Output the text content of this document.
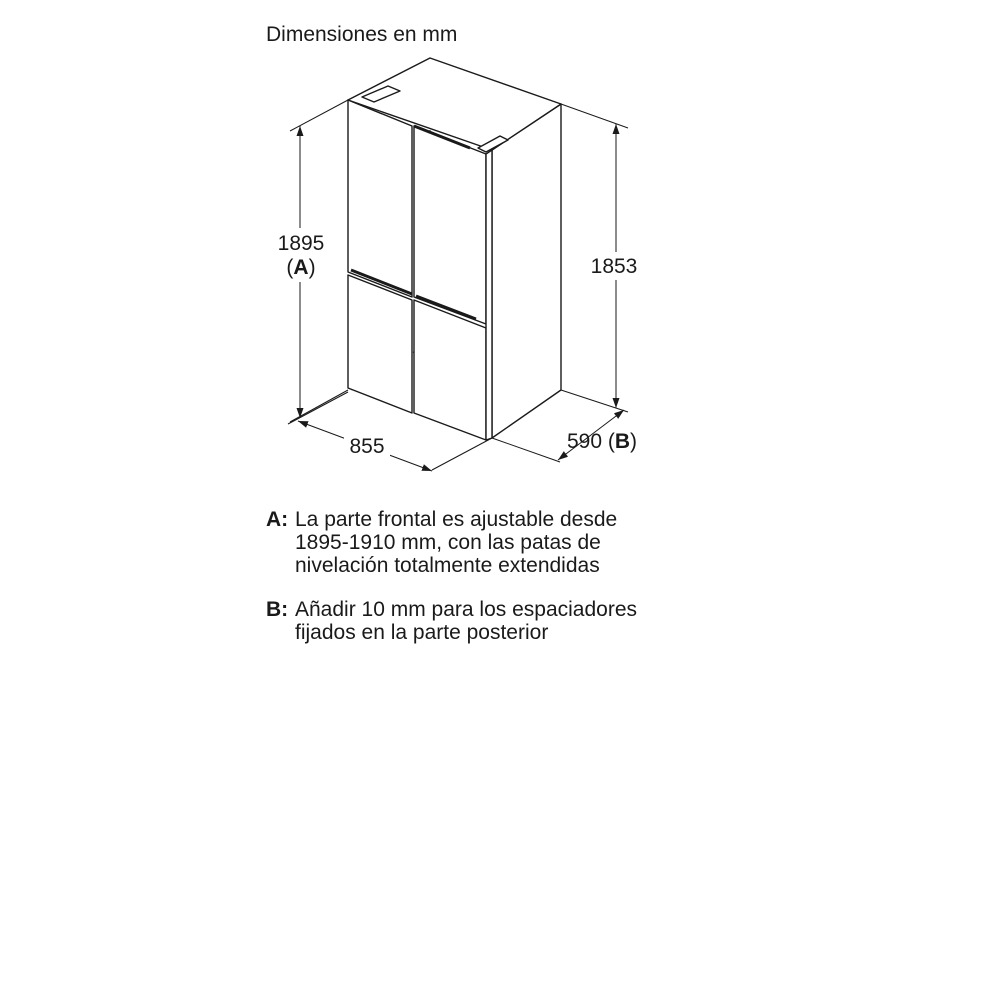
Dimensiones en mm
1895
(A)	1853
855	590 (B)
A: La parte frontal es ajustable desde
1895-1910 mm, con las patas de
nivelación totalmente extendidas
B: Añadir 10 mm para los espaciadores
fijados en la parte posterior
